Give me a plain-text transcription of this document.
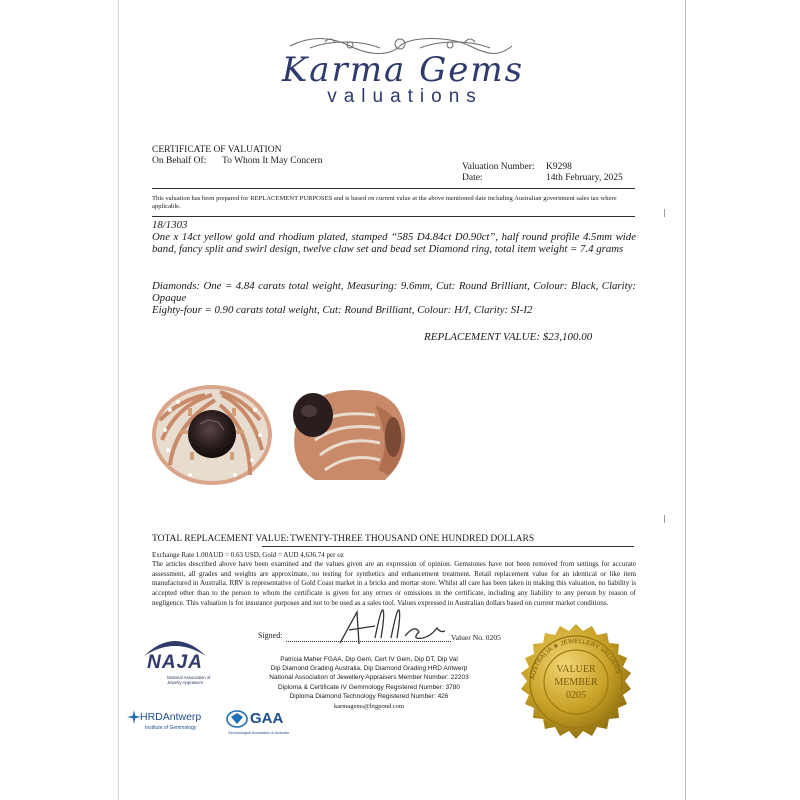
Karma Gems
valuations
CERTIFICATE OF VALUATION
On Behalf Of: To Whom It May Concern
Valuation Number: K9298
Date:	14th February, 2025
This valuation has been prepared for REPLACEMENT PURPOSES and is based on current value at the above mentioned date including Australian government sales tax where applicable.
18/1303
One x 14ct yellow gold and rhodium plated, stamped “585 D4.84ct D0.90ct”, half round profile 4.5mm wide band, fancy split and swirl design, twelve claw set and bead set Diamond ring, total item weight = 7.4 grams
Diamonds: One = 4.84 carats total weight, Measuring: 9.6mm, Cut: Round Brilliant, Colour: Black, Clarity: Opaque
Eighty-four = 0.90 carats total weight, Cut: Round Brilliant, Colour: H/I, Clarity: SI-I2
REPLACEMENT VALUE: $23,100.00
TOTAL REPLACEMENT VALUE: TWENTY-THREE THOUSAND ONE HUNDRED DOLLARS
Exchange Rate 1.00AUD = 0.63 USD, Gold = AUD 4,636.74 per oz
The articles described above have been examined and the values given are an expression of opinion. Gemstones have not been removed from settings for accurate assessment, all grades and weights are approximate, no testing for synthetics and enhancement treatment. Retail replacement value for an identical or like item manufactured in Australia. RRV is representative of Gold Coast market in a bricks and mortar store. Whilst all care has been taken in making this valuation, no liability is accepted other than to the person to whom the certificate is given for any errors or omissions in the certificate, including any liability to any person by reason of negligence. This valuation is for insurance purposes and not to be used as a sales tool. Values expressed in Australian dollars based on current market conditions.
Signed:	Valuer No. 0205
Patricia Maher FGAA, Dip Gem, Cert IV Gem, Dip DT, Dip Val
Dip Diamond Grading Australia, Dip Diamond Grading HRD Antwerp
National Association of Jewellery Appraisers Member Number: 22203
Diploma & Certificate IV Gemmology Registered Number: 3780
Diploma Diamond Technology Registered Number: 426
karmagems@bigpond.com
NAJA
National Association of
Jewelry Appraisers
HRDAntwerp
Institute of Gemmology
GAA
Gemmological Association of Australia
AUSTRALIA ★ JEWELLERY VALUERS
VALUER
MEMBER
0205
